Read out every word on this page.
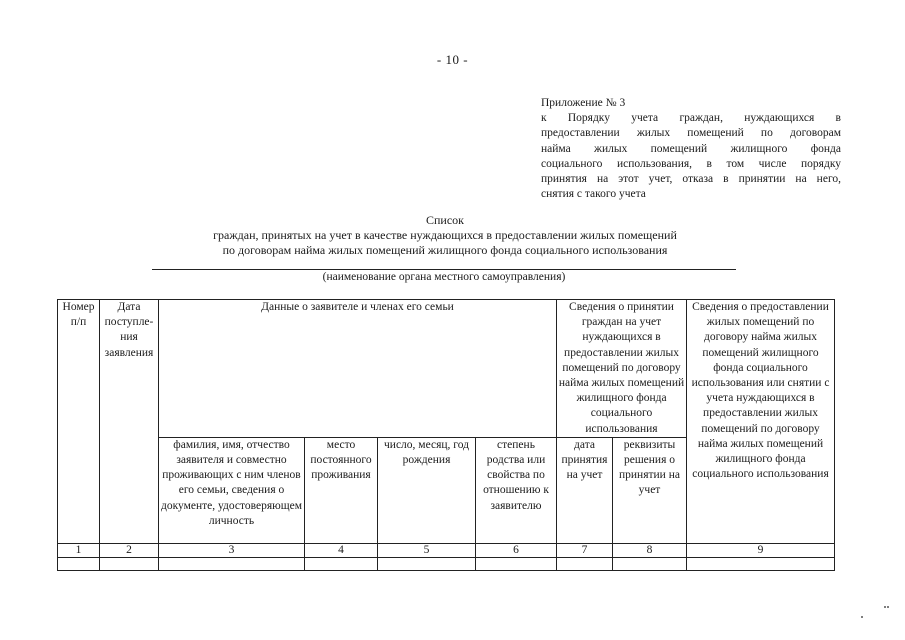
- 10 -
Приложение № 3
к Порядку учета граждан, нуждающихся в
предоставлении жилых помещений по договорам
найма жилых помещений жилищного фонда
социального использования, в том числе порядку
принятия на этот учет, отказа в принятии на него,
снятия с такого учета
Список
граждан, принятых на учет в качестве нуждающихся в предоставлении жилых помещений
по договорам найма жилых помещений жилищного фонда социального использования
(наименование органа местного самоуправления)
Номер п/п	Дата поступле-ния заявления	Данные о заявителе и членах его семьи				Сведения о принятии граждан на учет нуждающихся в предоставлении жилых помещений по договору найма жилых помещений жилищного фонда социального использования		Сведения о предоставлении жилых помещений по договору найма жилых помещений жилищного фонда социального использования или снятии с учета нуждающихся в предоставлении жилых помещений по договору найма жилых помещений жилищного фонда социального использования
		фамилия, имя, отчество заявителя и совместно проживающих с ним членов его семьи, сведения о документе, удостоверяющем личность	место постоянного проживания	число, месяц, год рождения	степень родства или свойства по отношению к заявителю	дата принятия на учет	реквизиты решения о принятии на учет	
1	2	3	4	5	6	7	8	9
